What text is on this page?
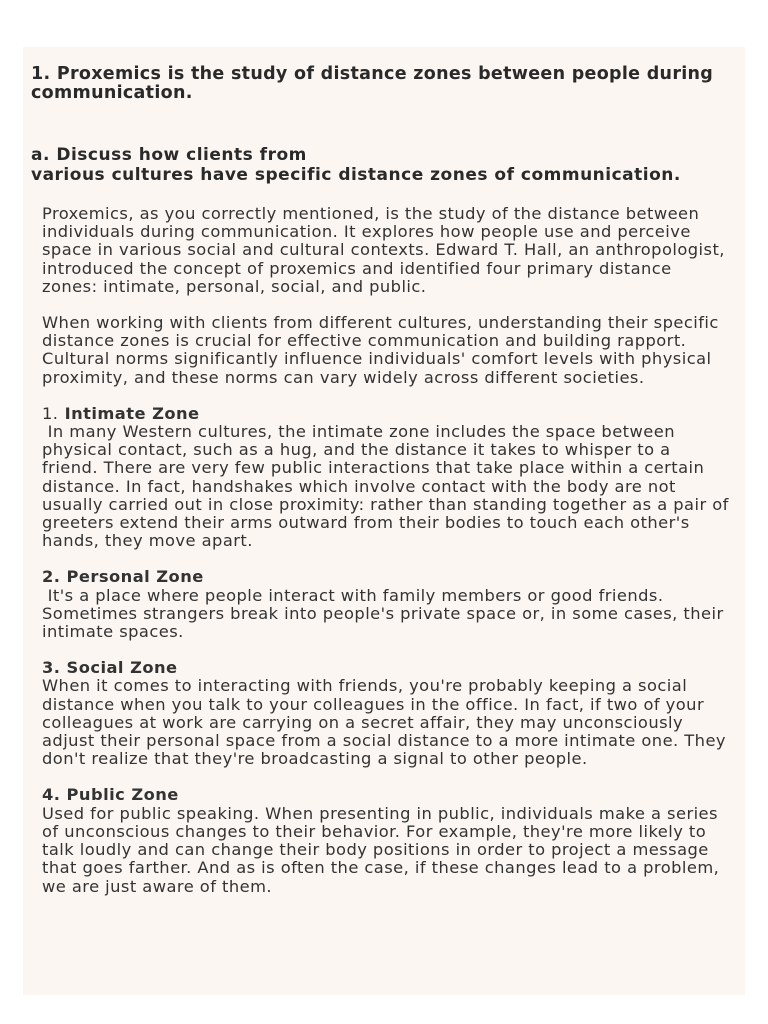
1. Proxemics is the study of distance zones between people during communication.

a. Discuss how clients from
various cultures have specific distance zones of communication.

Proxemics, as you correctly mentioned, is the study of the distance between individuals during communication. It explores how people use and perceive space in various social and cultural contexts. Edward T. Hall, an anthropologist, introduced the concept of proxemics and identified four primary distance zones: intimate, personal, social, and public.

When working with clients from different cultures, understanding their specific distance zones is crucial for effective communication and building rapport. Cultural norms significantly influence individuals' comfort levels with physical proximity, and these norms can vary widely across different societies.

1. Intimate Zone

In many Western cultures, the intimate zone includes the space between physical contact, such as a hug, and the distance it takes to whisper to a friend. There are very few public interactions that take place within a certain distance. In fact, handshakes which involve contact with the body are not usually carried out in close proximity: rather than standing together as a pair of greeters extend their arms outward from their bodies to touch each other's hands, they move apart.

2. Personal Zone

It's a place where people interact with family members or good friends. Sometimes strangers break into people's private space or, in some cases, their intimate spaces.

3. Social Zone

When it comes to interacting with friends, you're probably keeping a social distance when you talk to your colleagues in the office. In fact, if two of your colleagues at work are carrying on a secret affair, they may unconsciously adjust their personal space from a social distance to a more intimate one. They don't realize that they're broadcasting a signal to other people.

4. Public Zone

Used for public speaking. When presenting in public, individuals make a series of unconscious changes to their behavior. For example, they're more likely to talk loudly and can change their body positions in order to project a message that goes farther. And as is often the case, if these changes lead to a problem, we are just aware of them.
